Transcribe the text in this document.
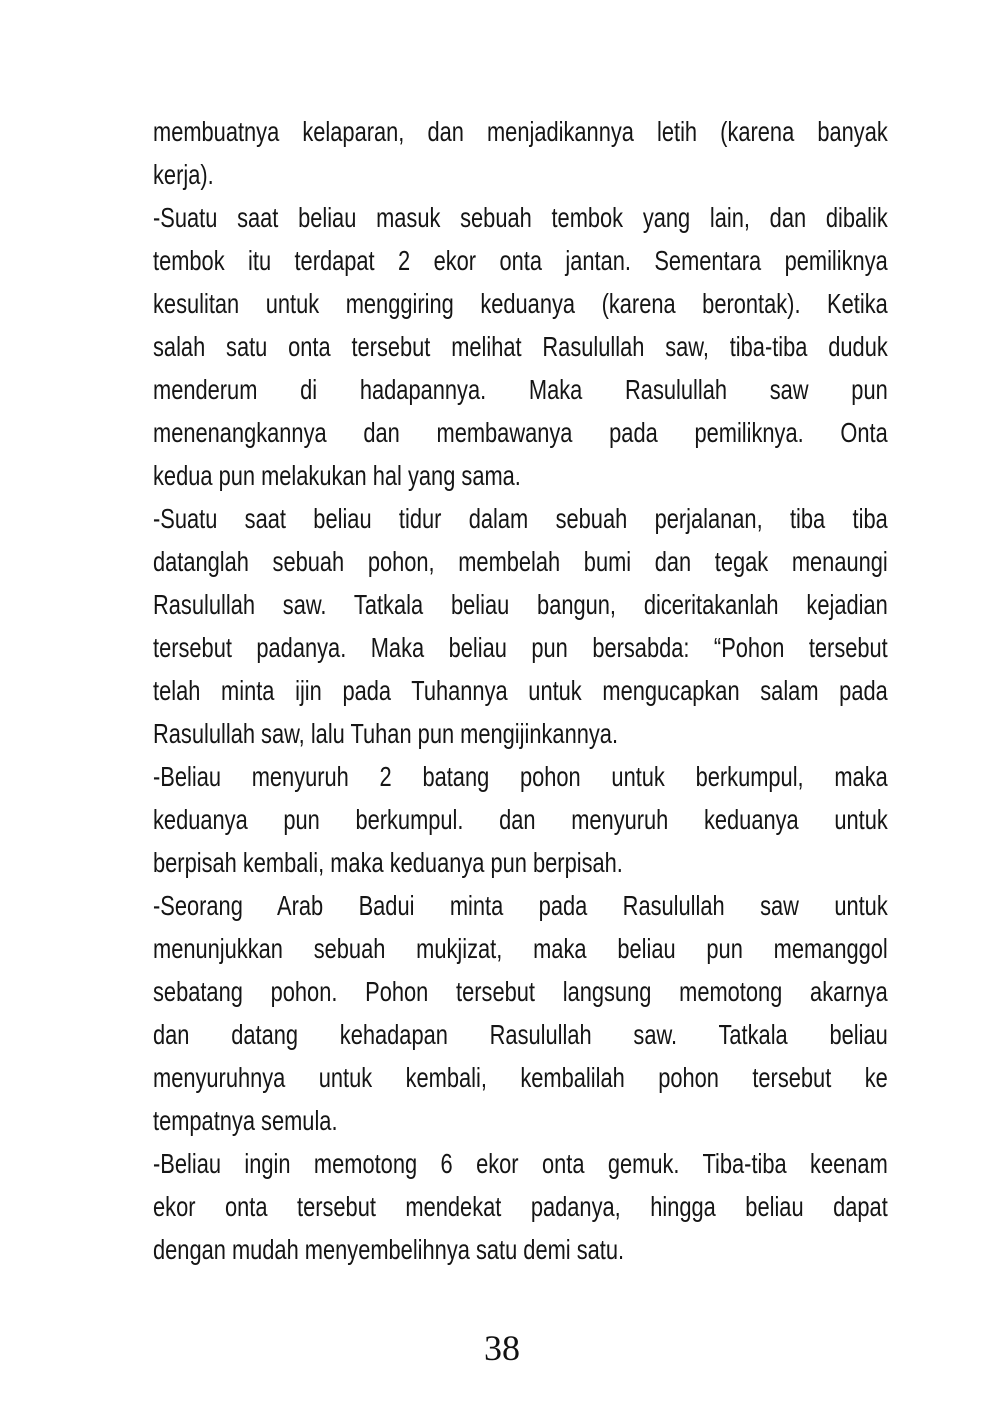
membuatnya kelaparan, dan menjadikannya letih (karena banyak
kerja).
-Suatu saat beliau masuk sebuah tembok yang lain, dan dibalik
tembok itu terdapat 2 ekor onta jantan. Sementara pemiliknya
kesulitan untuk menggiring keduanya (karena berontak). Ketika
salah satu onta tersebut melihat Rasulullah saw, tiba-tiba duduk
menderum di hadapannya. Maka Rasulullah saw pun
menenangkannya dan membawanya pada pemiliknya. Onta
kedua pun melakukan hal yang sama.
-Suatu saat beliau tidur dalam sebuah perjalanan, tiba tiba
datanglah sebuah pohon, membelah bumi dan tegak menaungi
Rasulullah saw. Tatkala beliau bangun, diceritakanlah kejadian
tersebut padanya. Maka beliau pun bersabda: “Pohon tersebut
telah minta ijin pada Tuhannya untuk mengucapkan salam pada
Rasulullah saw, lalu Tuhan pun mengijinkannya.
-Beliau menyuruh 2 batang pohon untuk berkumpul, maka
keduanya pun berkumpul. dan menyuruh keduanya untuk
berpisah kembali, maka keduanya pun berpisah.
-Seorang Arab Badui minta pada Rasulullah saw untuk
menunjukkan sebuah mukjizat, maka beliau pun memanggol
sebatang pohon. Pohon tersebut langsung memotong akarnya
dan datang kehadapan Rasulullah saw. Tatkala beliau
menyuruhnya untuk kembali, kembalilah pohon tersebut ke
tempatnya semula.
-Beliau ingin memotong 6 ekor onta gemuk. Tiba-tiba keenam
ekor onta tersebut mendekat padanya, hingga beliau dapat
dengan mudah menyembelihnya satu demi satu.
38
